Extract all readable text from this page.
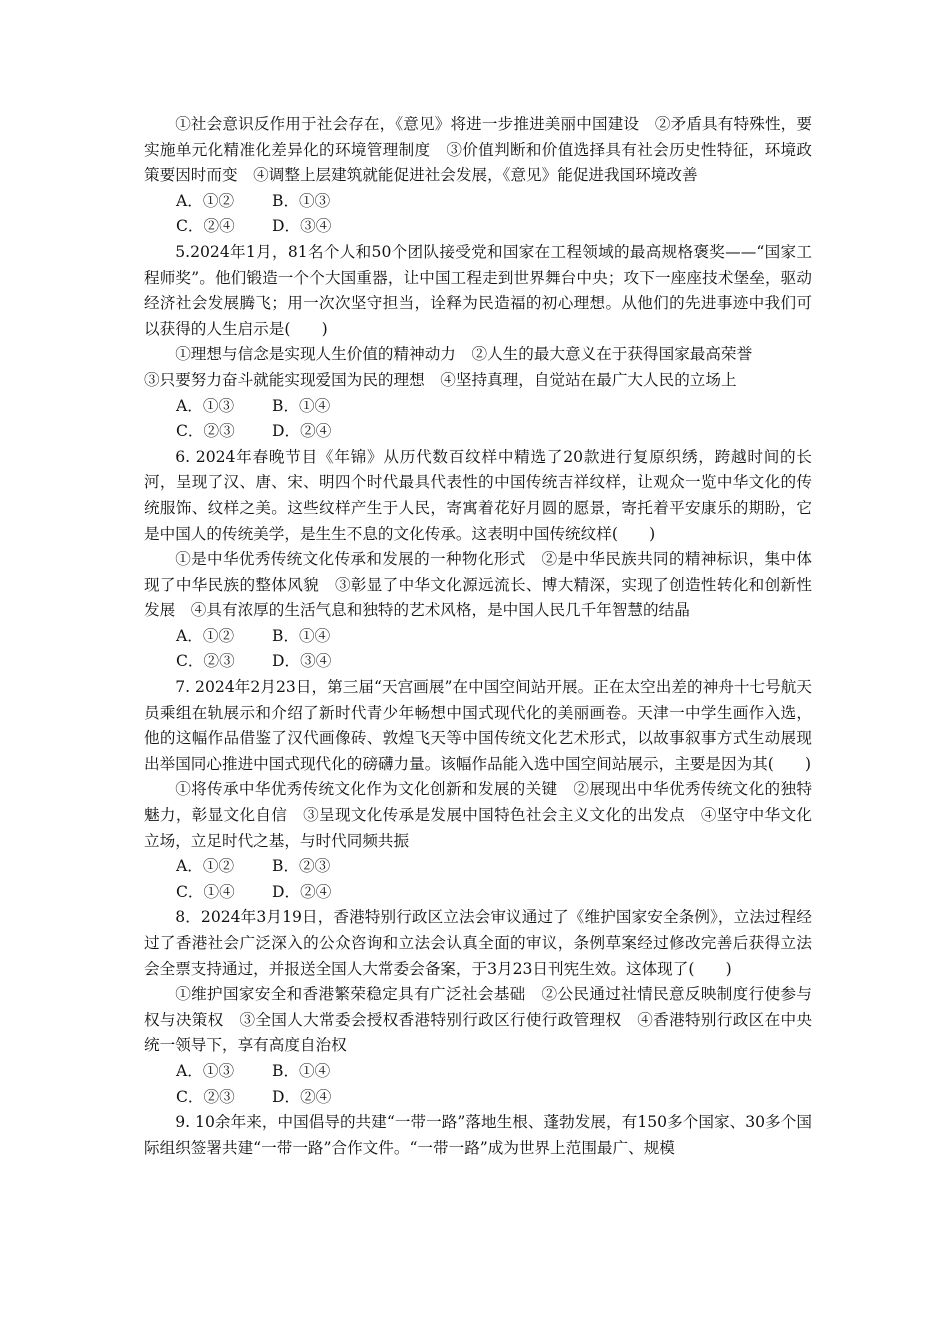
①社会意识反作用于社会存在，《意见》将进一步推进美丽中国建设　②矛盾具有特殊性，要实施单元化精准化差异化的环境管理制度　③价值判断和价值选择具有社会历史性特征，环境政策要因时而变　④调整上层建筑就能促进社会发展，《意见》能促进我国环境改善

A．①② B．①③
C．②④ D．③④

5.2024年1月，81名个人和50个团队接受党和国家在工程领域的最高规格褒奖——“国家工程师奖”。他们锻造一个个大国重器，让中国工程走到世界舞台中央；攻下一座座技术堡垒，驱动经济社会发展腾飞；用一次次坚守担当，诠释为民造福的初心理想。从他们的先进事迹中我们可以获得的人生启示是(　　)

①理想与信念是实现人生价值的精神动力　②人生的最大意义在于获得国家最高荣誉

③只要努力奋斗就能实现爱国为民的理想　④坚持真理，自觉站在最广大人民的立场上

A．①③ B．①④
C．②③ D．②④

6. 2024年春晚节目《年锦》从历代数百纹样中精选了20款进行复原织绣，跨越时间的长河，呈现了汉、唐、宋、明四个时代最具代表性的中国传统吉祥纹样，让观众一览中华文化的传统服饰、纹样之美。这些纹样产生于人民，寄寓着花好月圆的愿景，寄托着平安康乐的期盼，它是中国人的传统美学，是生生不息的文化传承。这表明中国传统纹样(　　)

①是中华优秀传统文化传承和发展的一种物化形式　②是中华民族共同的精神标识，集中体现了中华民族的整体风貌　③彰显了中华文化源远流长、博大精深，实现了创造性转化和创新性发展　④具有浓厚的生活气息和独特的艺术风格，是中国人民几千年智慧的结晶

A．①② B．①④
C．②③ D．③④

7. 2024年2月23日，第三届“天宫画展”在中国空间站开展。正在太空出差的神舟十七号航天员乘组在轨展示和介绍了新时代青少年畅想中国式现代化的美丽画卷。天津一中学生画作入选，他的这幅作品借鉴了汉代画像砖、敦煌飞天等中国传统文化艺术形式，以故事叙事方式生动展现出举国同心推进中国式现代化的磅礴力量。该幅作品能入选中国空间站展示，主要是因为其(　　)

①将传承中华优秀传统文化作为文化创新和发展的关键　②展现出中华优秀传统文化的独特魅力，彰显文化自信　③呈现文化传承是发展中国特色社会主义文化的出发点　④坚守中华文化立场，立足时代之基，与时代同频共振

A．①② B．②③
C．①④ D．②④

8．2024年3月19日，香港特别行政区立法会审议通过了《维护国家安全条例》，立法过程经过了香港社会广泛深入的公众咨询和立法会认真全面的审议，条例草案经过修改完善后获得立法会全票支持通过，并报送全国人大常委会备案，于3月23日刊宪生效。这体现了(　　)

①维护国家安全和香港繁荣稳定具有广泛社会基础　②公民通过社情民意反映制度行使参与权与决策权　③全国人大常委会授权香港特别行政区行使行政管理权　④香港特别行政区在中央统一领导下，享有高度自治权

A．①③ B．①④
C．②③ D．②④

9. 10余年来，中国倡导的共建“一带一路”落地生根、蓬勃发展，有150多个国家、30多个国际组织签署共建“一带一路”合作文件。“一带一路”成为世界上范围最广、规模
